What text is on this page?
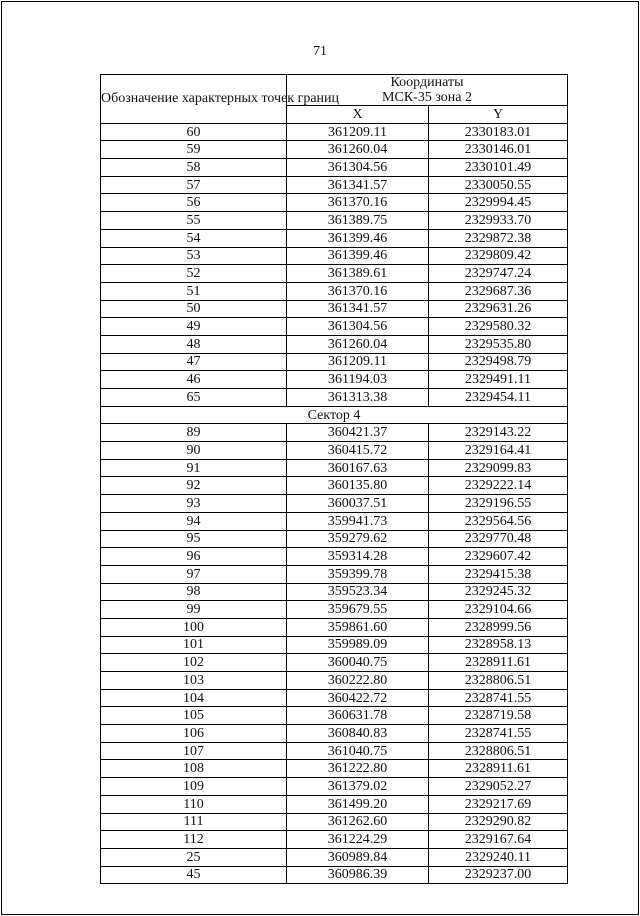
71
Обозначение характерных точек границ	Координаты
МСК-35 зона 2	
	X	Y
60	361209.11	2330183.01
59	361260.04	2330146.01
58	361304.56	2330101.49
57	361341.57	2330050.55
56	361370.16	2329994.45
55	361389.75	2329933.70
54	361399.46	2329872.38
53	361399.46	2329809.42
52	361389.61	2329747.24
51	361370.16	2329687.36
50	361341.57	2329631.26
49	361304.56	2329580.32
48	361260.04	2329535.80
47	361209.11	2329498.79
46	361194.03	2329491.11
65	361313.38	2329454.11
Сектор 4		
89	360421.37	2329143.22
90	360415.72	2329164.41
91	360167.63	2329099.83
92	360135.80	2329222.14
93	360037.51	2329196.55
94	359941.73	2329564.56
95	359279.62	2329770.48
96	359314.28	2329607.42
97	359399.78	2329415.38
98	359523.34	2329245.32
99	359679.55	2329104.66
100	359861.60	2328999.56
101	359989.09	2328958.13
102	360040.75	2328911.61
103	360222.80	2328806.51
104	360422.72	2328741.55
105	360631.78	2328719.58
106	360840.83	2328741.55
107	361040.75	2328806.51
108	361222.80	2328911.61
109	361379.02	2329052.27
110	361499.20	2329217.69
111	361262.60	2329290.82
112	361224.29	2329167.64
25	360989.84	2329240.11
45	360986.39	2329237.00
